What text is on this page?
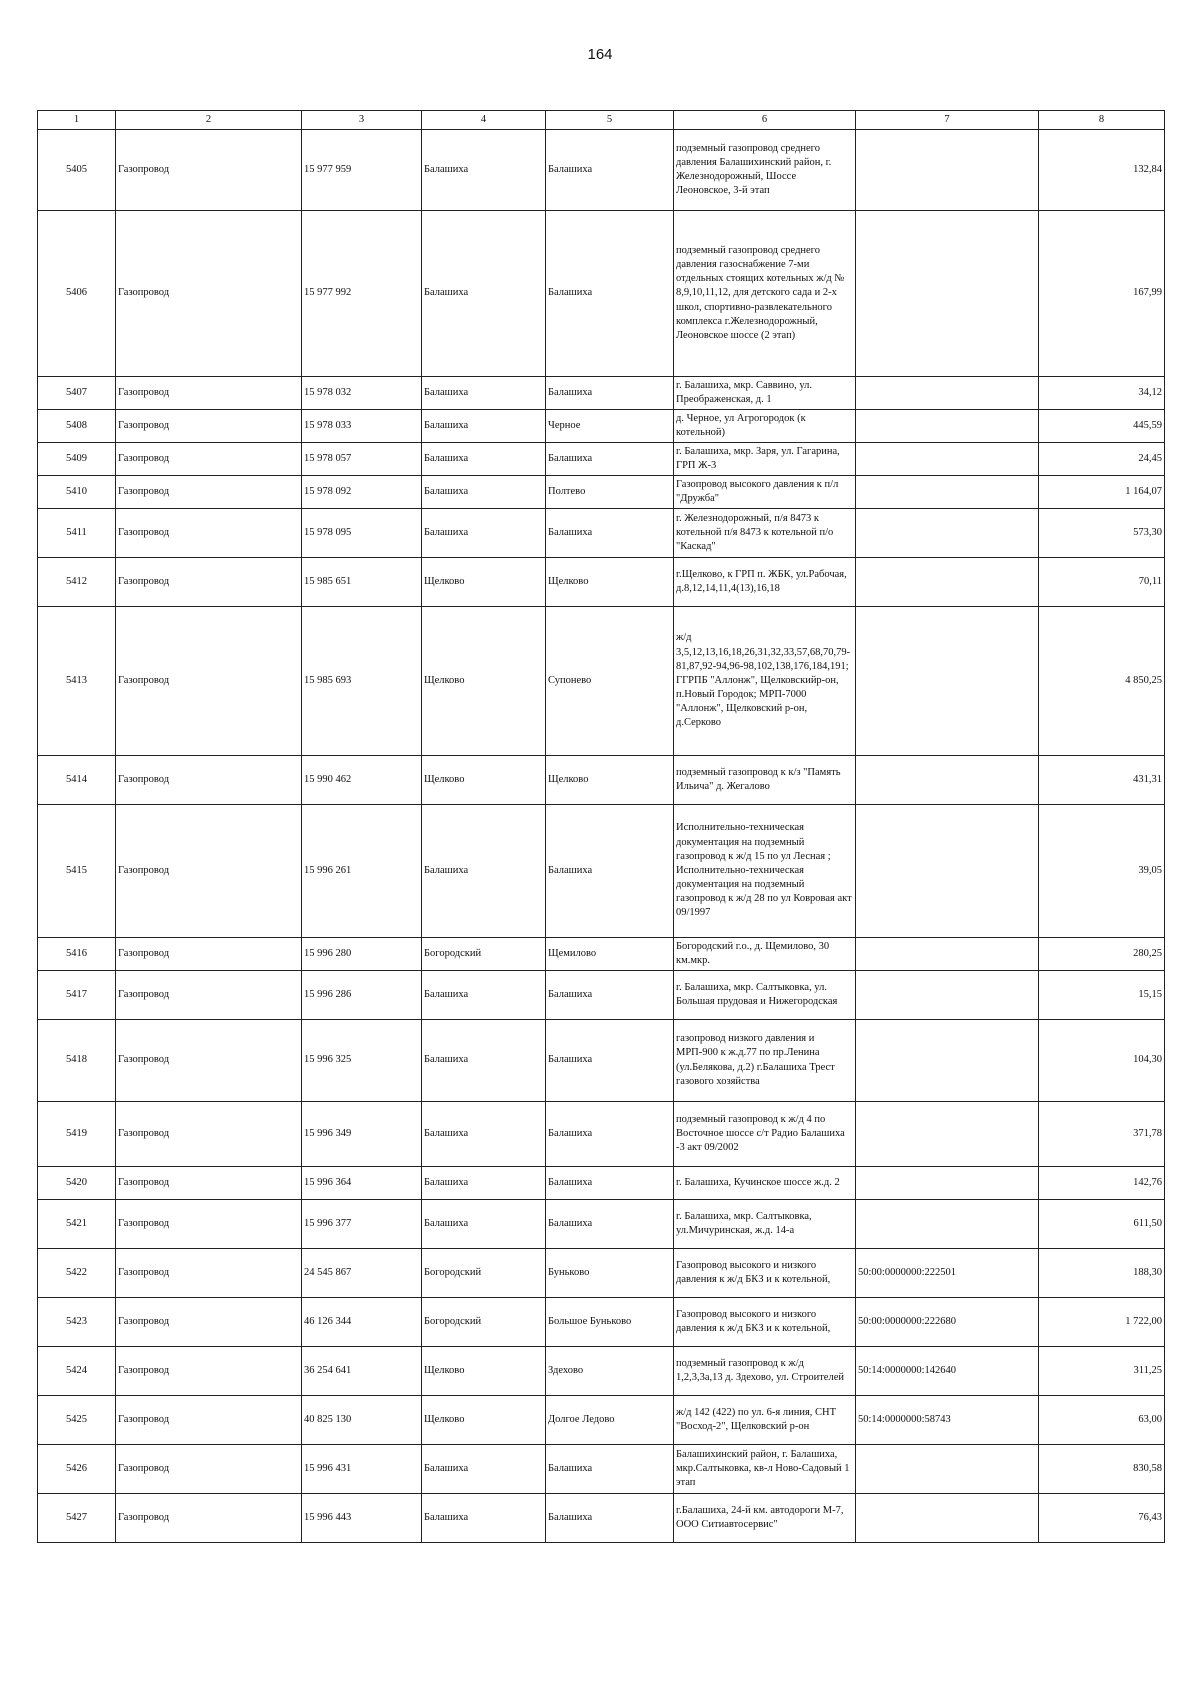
164
1	2	3	4	5	6	7	8
5405	Газопровод	15 977 959	Балашиха	Балашиха	подземный газопровод среднего давления Балашихинский район, г. Железнодорожный, Шоссе Леоновское, 3-й этап		132,84
5406	Газопровод	15 977 992	Балашиха	Балашиха	подземный газопровод среднего давления газоснабжение 7-ми отдельных стоящих котельных ж/д № 8,9,10,11,12, для детского сада и 2-х школ, спортивно-развлекательного комплекса г.Железнодорожный, Леоновское шоссе (2 этап)		167,99
5407	Газопровод	15 978 032	Балашиха	Балашиха	г. Балашиха, мкр. Саввино, ул. Преображенская, д. 1		34,12
5408	Газопровод	15 978 033	Балашиха	Черное	д. Черное, ул Агрогородок (к котельной)		445,59
5409	Газопровод	15 978 057	Балашиха	Балашиха	г. Балашиха, мкр. Заря, ул. Гагарина, ГРП Ж-3		24,45
5410	Газопровод	15 978 092	Балашиха	Полтево	Газопровод высокого давления к п/л "Дружба"		1 164,07
5411	Газопровод	15 978 095	Балашиха	Балашиха	г. Железнодорожный, п/я 8473 к котельной п/я 8473 к котельной п/о "Каскад"		573,30
5412	Газопровод	15 985 651	Щелково	Щелково	г.Щелково, к ГРП п. ЖБК, ул.Рабочая, д.8,12,14,11,4(13),16,18		70,11
5413	Газопровод	15 985 693	Щелково	Супонево	ж/д 3,5,12,13,16,18,26,31,32,33,57,68,70,79-81,87,92-94,96-98,102,138,176,184,191; ГГРПБ "Аллонж", Щелковскийр-он, п.Новый Городок; МРП-7000 "Аллонж", Щелковский р-он, д.Серково		4 850,25
5414	Газопровод	15 990 462	Щелково	Щелково	подземный газопровод к к/з "Память Ильича" д. Жегалово		431,31
5415	Газопровод	15 996 261	Балашиха	Балашиха	Исполнительно-техническая документация на подземный газопровод к ж/д 15 по ул Лесная ; Исполнительно-техническая документация на подземный газопровод к ж/д 28 по ул Ковровая акт 09/1997		39,05
5416	Газопровод	15 996 280	Богородский	Щемилово	Богородский г.о., д. Щемилово, 30 км.мкр.		280,25
5417	Газопровод	15 996 286	Балашиха	Балашиха	г. Балашиха, мкр. Салтыковка, ул. Большая прудовая и Нижегородская		15,15
5418	Газопровод	15 996 325	Балашиха	Балашиха	газопровод низкого давления и МРП-900 к ж.д.77 по пр.Ленина (ул.Белякова, д.2) г.Балашиха Трест газового хозяйства		104,30
5419	Газопровод	15 996 349	Балашиха	Балашиха	подземный газопровод к ж/д 4 по Восточное шоссе с/т Радио Балашиха -3 акт 09/2002		371,78
5420	Газопровод	15 996 364	Балашиха	Балашиха	г. Балашиха, Кучинское шоссе ж.д. 2		142,76
5421	Газопровод	15 996 377	Балашиха	Балашиха	г. Балашиха, мкр. Салтыковка, ул.Мичуринская, ж.д. 14-а		611,50
5422	Газопровод	24 545 867	Богородский	Буньково	Газопровод высокого и низкого давления к ж/д БКЗ и к котельной,	50:00:0000000:222501	188,30
5423	Газопровод	46 126 344	Богородский	Большое Буньково	Газопровод высокого и низкого давления к ж/д БКЗ и к котельной,	50:00:0000000:222680	1 722,00
5424	Газопровод	36 254 641	Щелково	Здехово	подземный газопровод к ж/д 1,2,3,3а,13 д. Здехово, ул. Строителей	50:14:0000000:142640	311,25
5425	Газопровод	40 825 130	Щелково	Долгое Ледово	ж/д 142 (422) по ул. 6-я линия, СНТ "Восход-2", Щелковский р-он	50:14:0000000:58743	63,00
5426	Газопровод	15 996 431	Балашиха	Балашиха	Балашихинский район, г. Балашиха, мкр.Салтыковка, кв-л Ново-Садовый 1 этап		830,58
5427	Газопровод	15 996 443	Балашиха	Балашиха	г.Балашиха, 24-й км. автодороги М-7, ООО Ситиавтосервис"		76,43
